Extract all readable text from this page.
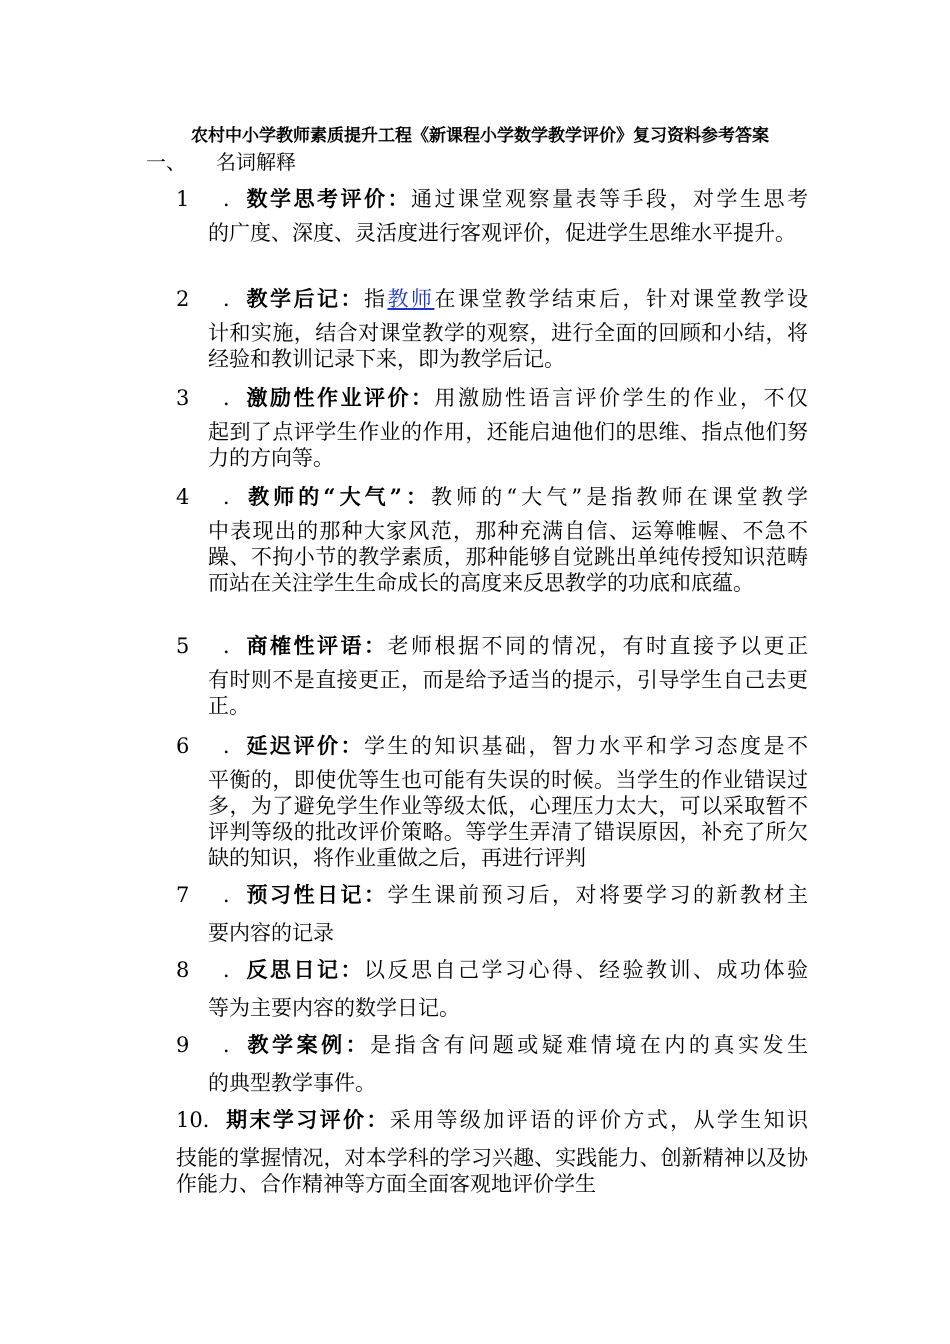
农村中小学教师素质提升工程《新课程小学数学教学评价》复习资料参考答案
一、 名词解释
1．数学思考评价：通过课堂观察量表等手段，对学生思考
的广度、深度、灵活度进行客观评价，促进学生思维水平提升。
2．教学后记：指教师在课堂教学结束后，针对课堂教学设
计和实施，结合对课堂教学的观察，进行全面的回顾和小结，将经验和教训记录下来，即为教学后记。
3．激励性作业评价：用激励性语言评价学生的作业，不仅
起到了点评学生作业的作用，还能启迪他们的思维、指点他们努力的方向等。
4．教师的“大气”：教师的“大气”是指教师在课堂教学
中表现出的那种大家风范，那种充满自信、运筹帷幄、不急不躁、不拘小节的教学素质，那种能够自觉跳出单纯传授知识范畴而站在关注学生生命成长的高度来反思教学的功底和底蕴。
5．商榷性评语：老师根据不同的情况，有时直接予以更正
有时则不是直接更正，而是给予适当的提示，引导学生自己去更正。
6．延迟评价：学生的知识基础，智力水平和学习态度是不
平衡的，即使优等生也可能有失误的时候。当学生的作业错误过多，为了避免学生作业等级太低，心理压力太大，可以采取暂不评判等级的批改评价策略。等学生弄清了错误原因，补充了所欠缺的知识，将作业重做之后，再进行评判
7．预习性日记：学生课前预习后，对将要学习的新教材主
要内容的记录
8．反思日记：以反思自己学习心得、经验教训、成功体验
等为主要内容的数学日记。
9．教学案例：是指含有问题或疑难情境在内的真实发生
的典型教学事件。
10．期末学习评价：采用等级加评语的评价方式，从学生知识
技能的掌握情况，对本学科的学习兴趣、实践能力、创新精神以及协作能力、合作精神等方面全面客观地评价学生
